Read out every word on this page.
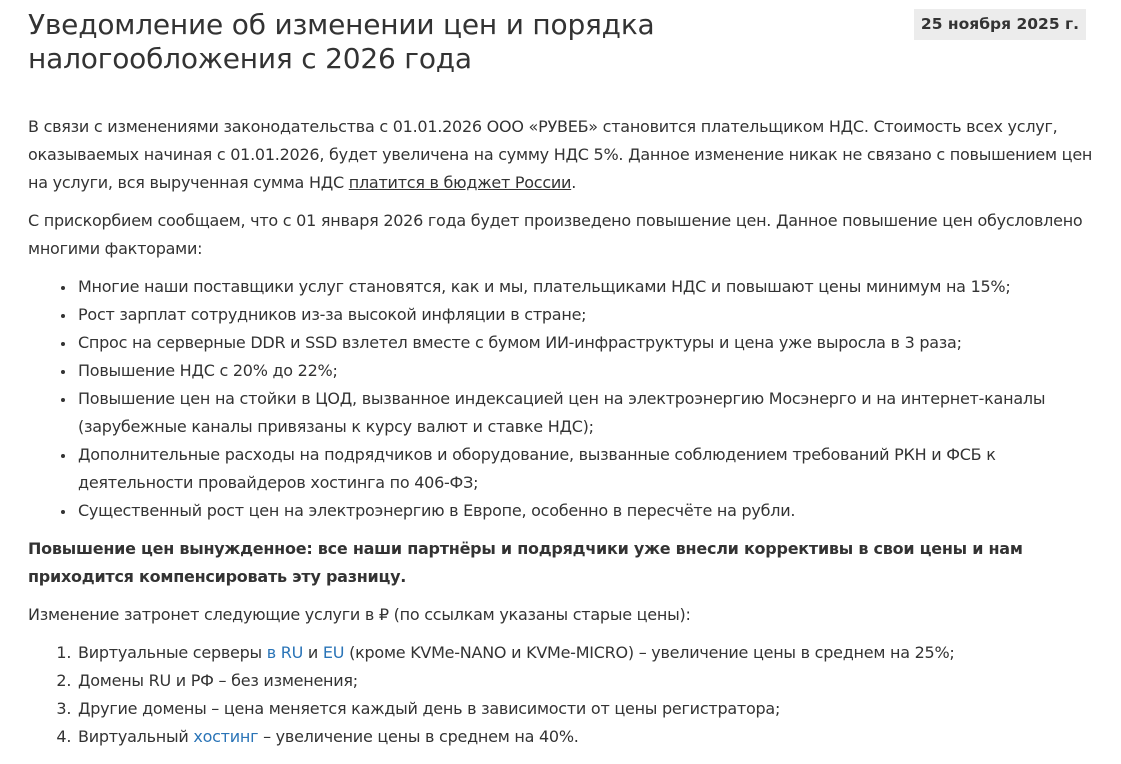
Уведомление об изменении цен и порядка налогообложения с 2026 года
25 ноября 2025 г.

В связи с изменениями законодательства с 01.01.2026 ООО «РУВЕБ» становится плательщиком НДС. Стоимость всех услуг, оказываемых начиная с 01.01.2026, будет увеличена на сумму НДС 5%. Данное изменение никак не связано с повышением цен на услуги, вся вырученная сумма НДС платится в бюджет России.

С прискорбием сообщаем, что с 01 января 2026 года будет произведено повышение цен. Данное повышение цен обусловлено многими факторами:

• Многие наши поставщики услуг становятся, как и мы, плательщиками НДС и повышают цены минимум на 15%;
• Рост зарплат сотрудников из-за высокой инфляции в стране;
• Спрос на серверные DDR и SSD взлетел вместе с бумом ИИ-инфраструктуры и цена уже выросла в 3 раза;
• Повышение НДС с 20% до 22%;
• Повышение цен на стойки в ЦОД, вызванное индексацией цен на электроэнергию Мосэнерго и на интернет-каналы (зарубежные каналы привязаны к курсу валют и ставке НДС);
• Дополнительные расходы на подрядчиков и оборудование, вызванные соблюдением требований РКН и ФСБ к деятельности провайдеров хостинга по 406-ФЗ;
• Существенный рост цен на электроэнергию в Европе, особенно в пересчёте на рубли.

Повышение цен вынужденное: все наши партнёры и подрядчики уже внесли коррективы в свои цены и нам приходится компенсировать эту разницу.

Изменение затронет следующие услуги в ₽ (по ссылкам указаны старые цены):

1. Виртуальные серверы в RU и EU (кроме KVMe-NANO и KVMe-MICRO) – увеличение цены в среднем на 25%;
2. Домены RU и РФ – без изменения;
3. Другие домены – цена меняется каждый день в зависимости от цены регистратора;
4. Виртуальный хостинг – увеличение цены в среднем на 40%.
